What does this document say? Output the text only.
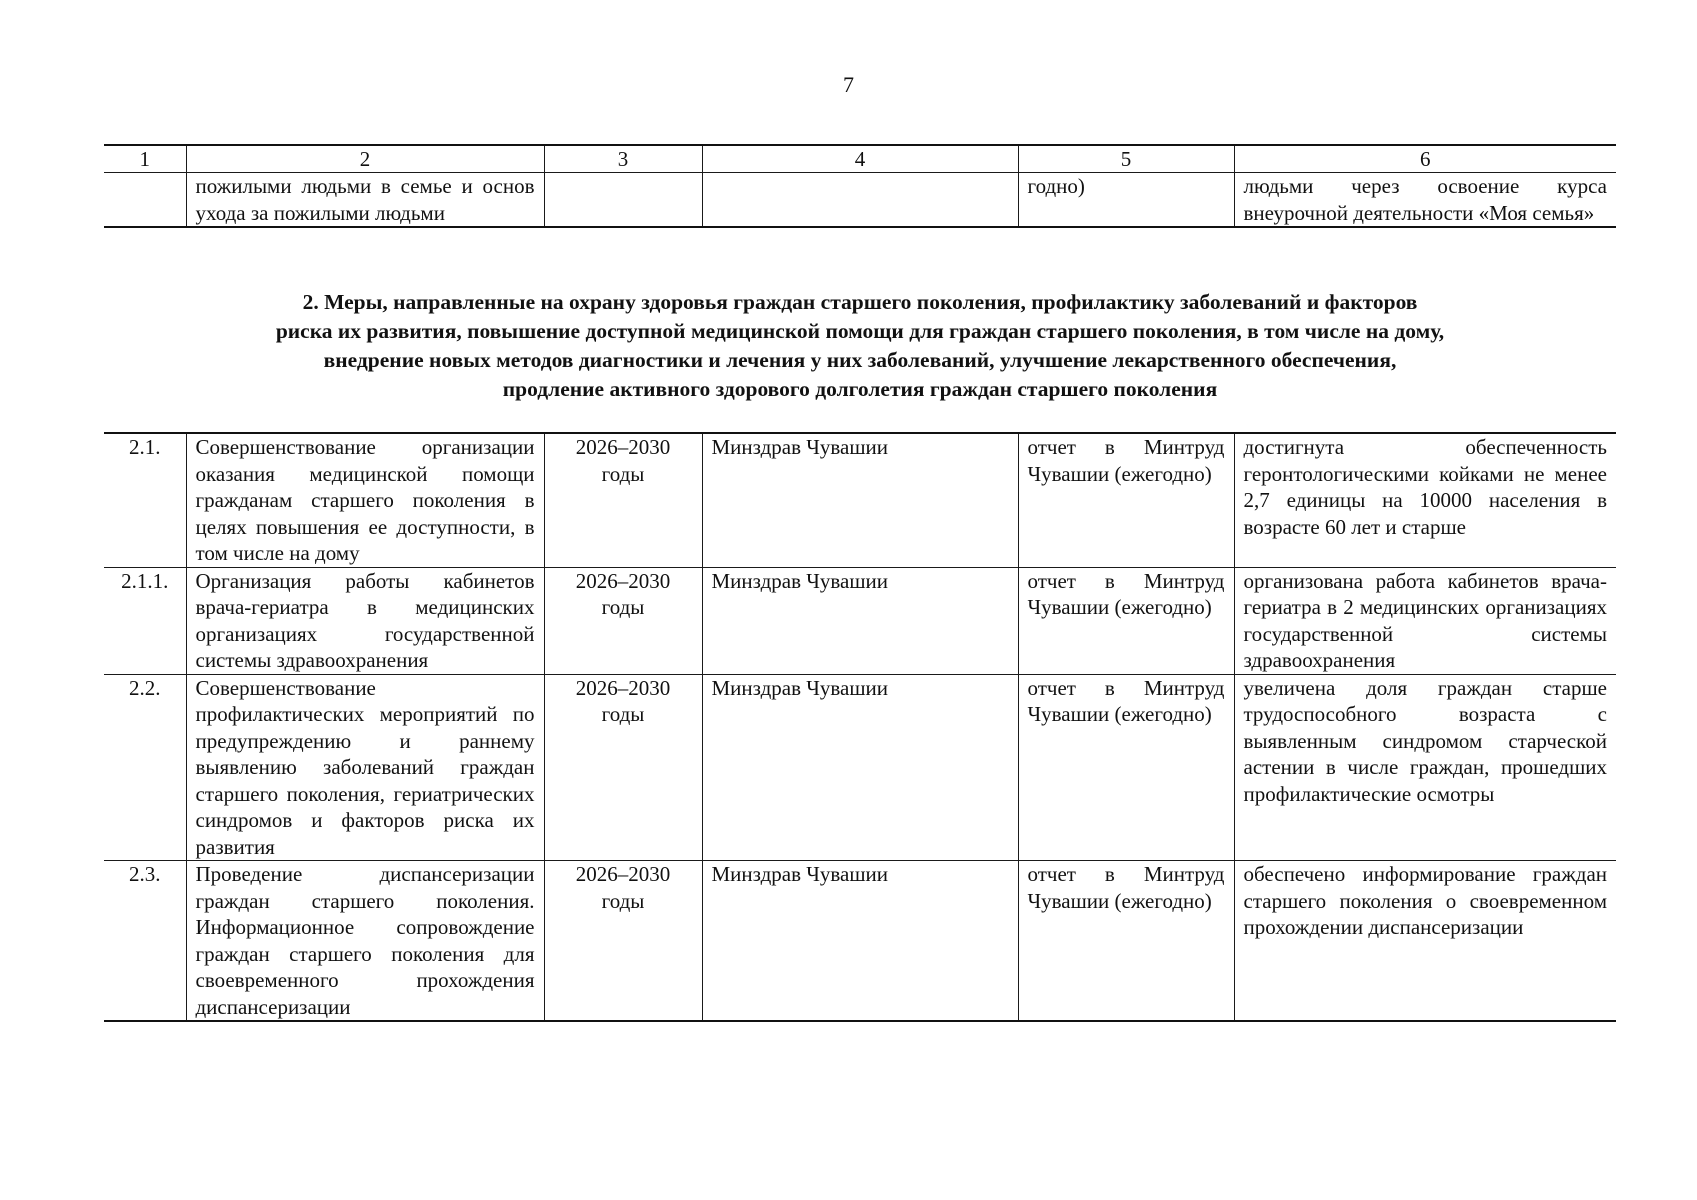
7
1	2	3	4	5	6
	пожилыми людьми в семье и основ ухода за пожилыми людьми			годно)	людьми через освоение курса внеурочной деятельности «Моя семья»
2. Меры, направленные на охрану здоровья граждан старшего поколения, профилактику заболеваний и факторов
риска их развития, повышение доступной медицинской помощи для граждан старшего поколения, в том числе на дому,
внедрение новых методов диагностики и лечения у них заболеваний, улучшение лекарственного обеспечения,
продление активного здорового долголетия граждан старшего поколения
2.1.	Совершенствование организации оказания медицинской помощи гражданам старшего поколения в целях повышения ее доступности, в том числе на дому	2026–2030 годы	Минздрав Чувашии	отчет в Минтруд Чувашии (ежегодно)	достигнута обеспеченность геронтологическими койками не менее 2,7 единицы на 10000 населения в возрасте 60 лет и старше
2.1.1.	Организация работы кабинетов врача-гериатра в медицинских организациях государственной системы здравоохранения	2026–2030 годы	Минздрав Чувашии	отчет в Минтруд Чувашии (ежегодно)	организована работа кабинетов врача-гериатра в 2 медицинских организациях государственной системы здравоохранения
2.2.	Совершенствование профилактических мероприятий по предупреждению и раннему выявлению заболеваний граждан старшего поколения, гериатрических синдромов и факторов риска их развития	2026–2030 годы	Минздрав Чувашии	отчет в Минтруд Чувашии (ежегодно)	увеличена доля граждан старше трудоспособного возраста с выявленным синдромом старческой астении в числе граждан, прошедших профилактические осмотры
2.3.	Проведение диспансеризации граждан старшего поколения. Информационное сопровождение граждан старшего поколения для своевременного прохождения диспансеризации	2026–2030 годы	Минздрав Чувашии	отчет в Минтруд Чувашии (ежегодно)	обеспечено информирование граждан старшего поколения о своевременном прохождении диспансеризации
